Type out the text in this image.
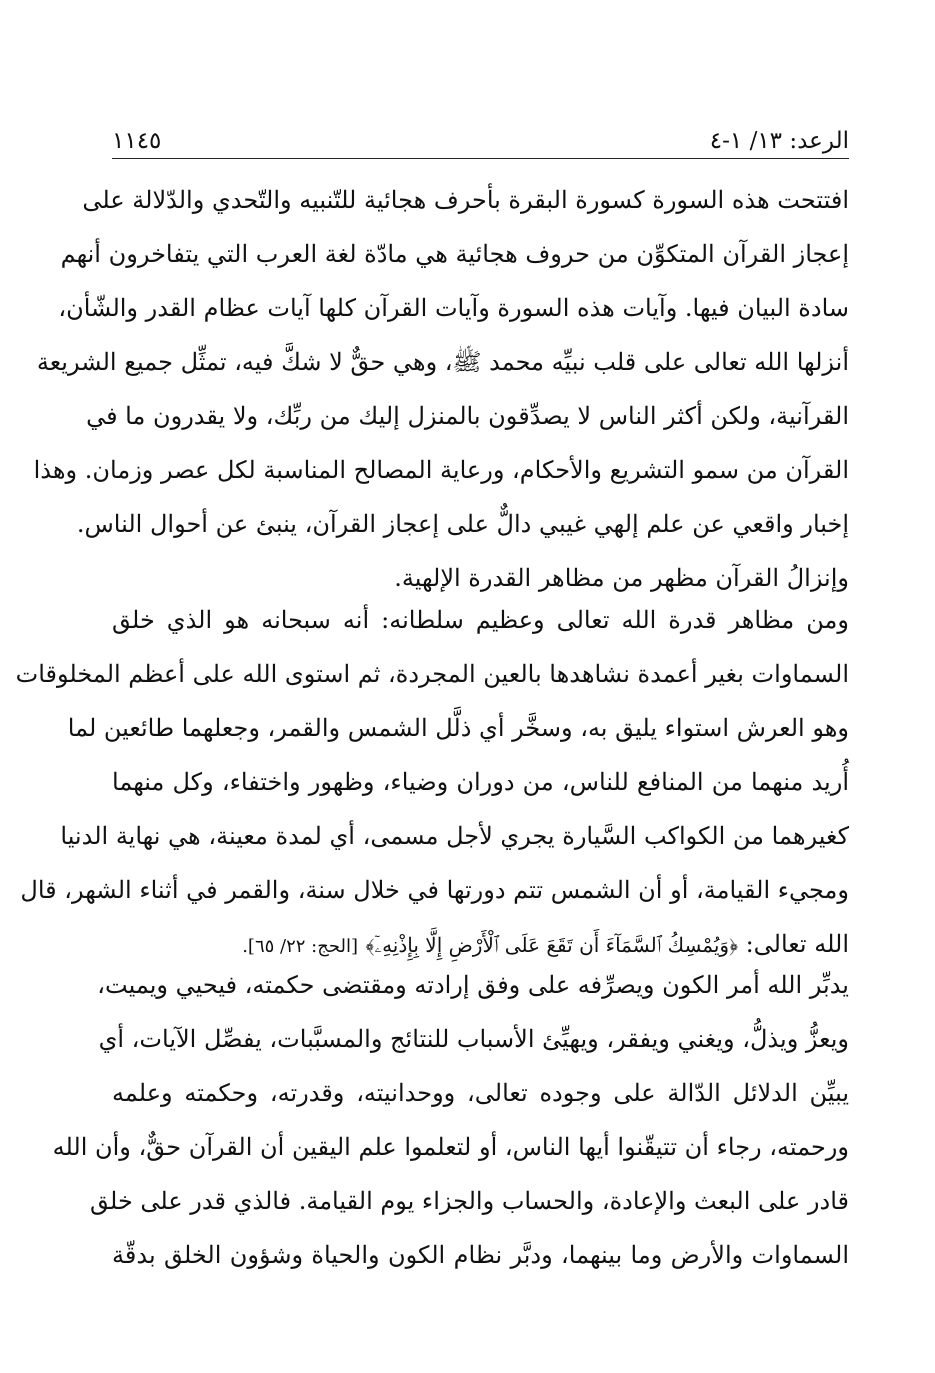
الرعد: ١٣/ ١-٤
١١٤٥
افتتحت هذه السورة كسورة البقرة بأحرف هجائية للتّنبيه والتّحدي والدّلالة على
إعجاز القرآن المتكوِّن من حروف هجائية هي مادّة لغة العرب التي يتفاخرون أنهم
سادة البيان فيها. وآيات هذه السورة وآيات القرآن كلها آيات عظام القدر والشّأن،
أنزلها الله تعالى على قلب نبيِّه محمد ﷺ، وهي حقٌّ لا شكَّ فيه، تمثِّل جميع الشريعة
القرآنية، ولكن أكثر الناس لا يصدِّقون بالمنزل إليك من ربِّك، ولا يقدرون ما في
القرآن من سمو التشريع والأحكام، ورعاية المصالح المناسبة لكل عصر وزمان. وهذا
إخبار واقعي عن علم إلهي غيبي دالٌّ على إعجاز القرآن، ينبئ عن أحوال الناس.
وإنزالُ القرآن مظهر من مظاهر القدرة الإلهية.
ومن مظاهر قدرة الله تعالى وعظيم سلطانه: أنه سبحانه هو الذي خلق
السماوات بغير أعمدة نشاهدها بالعين المجردة، ثم استوى الله على أعظم المخلوقات
وهو العرش استواء يليق به، وسخَّر أي ذلَّل الشمس والقمر، وجعلهما طائعين لما
أُريد منهما من المنافع للناس، من دوران وضياء، وظهور واختفاء، وكل منهما
كغيرهما من الكواكب السَّيارة يجري لأجل مسمى، أي لمدة معينة، هي نهاية الدنيا
ومجيء القيامة، أو أن الشمس تتم دورتها في خلال سنة، والقمر في أثناء الشهر، قال
الله تعالى: ﴿وَيُمْسِكُ ٱلسَّمَآءَ أَن تَقَعَ عَلَى ٱلْأَرْضِ إِلَّا بِإِذْنِهِۦٓ﴾ [الحج: ٢٢/ ٦٥].
يدبِّر الله أمر الكون ويصرِّفه على وفق إرادته ومقتضى حكمته، فيحيي ويميت،
ويعزُّ ويذلُّ، ويغني ويفقر، ويهيِّئ الأسباب للنتائج والمسبَّبات، يفصِّل الآيات، أي
يبيِّن الدلائل الدّالة على وجوده تعالى، ووحدانيته، وقدرته، وحكمته وعلمه
ورحمته، رجاء أن تتيقّنوا أيها الناس، أو لتعلموا علم اليقين أن القرآن حقٌّ، وأن الله
قادر على البعث والإعادة، والحساب والجزاء يوم القيامة. فالذي قدر على خلق
السماوات والأرض وما بينهما، ودبَّر نظام الكون والحياة وشؤون الخلق بدقّة
